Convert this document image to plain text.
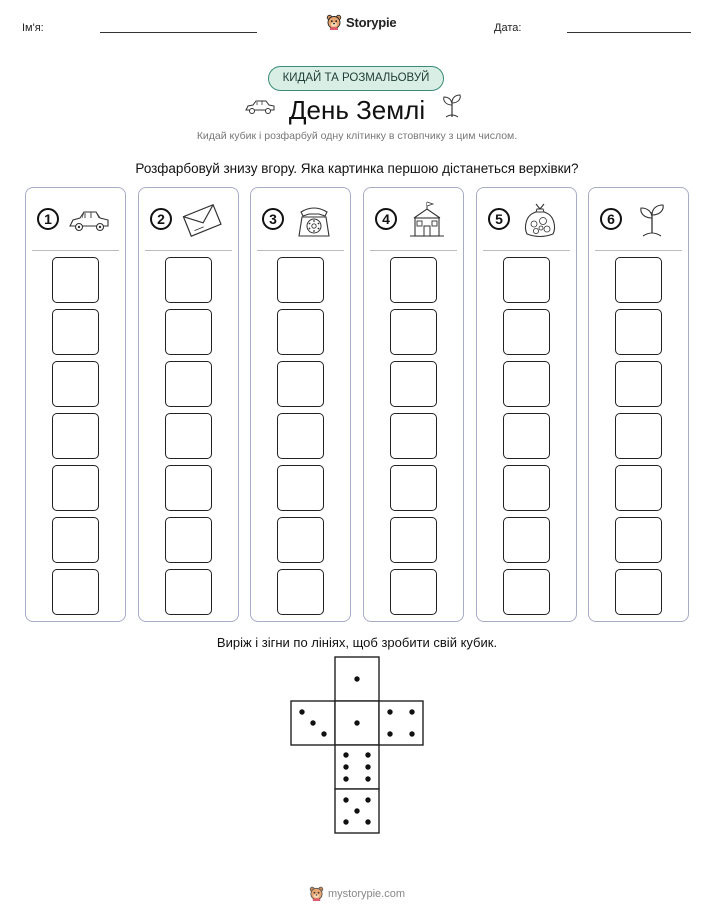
Ім'я:	Дата:
Storypie
КИДАЙ ТА РОЗМАЛЬОВУЙ
День Землі
Кидай кубик і розфарбуй одну клітинку в стовпчику з цим числом.
Розфарбовуй знизу вгору. Яка картинка першою дістанеться верхівки?
1	2	3	4	5	6
Виріж і зігни по лініях, щоб зробити свій кубик.
mystorypie.com
